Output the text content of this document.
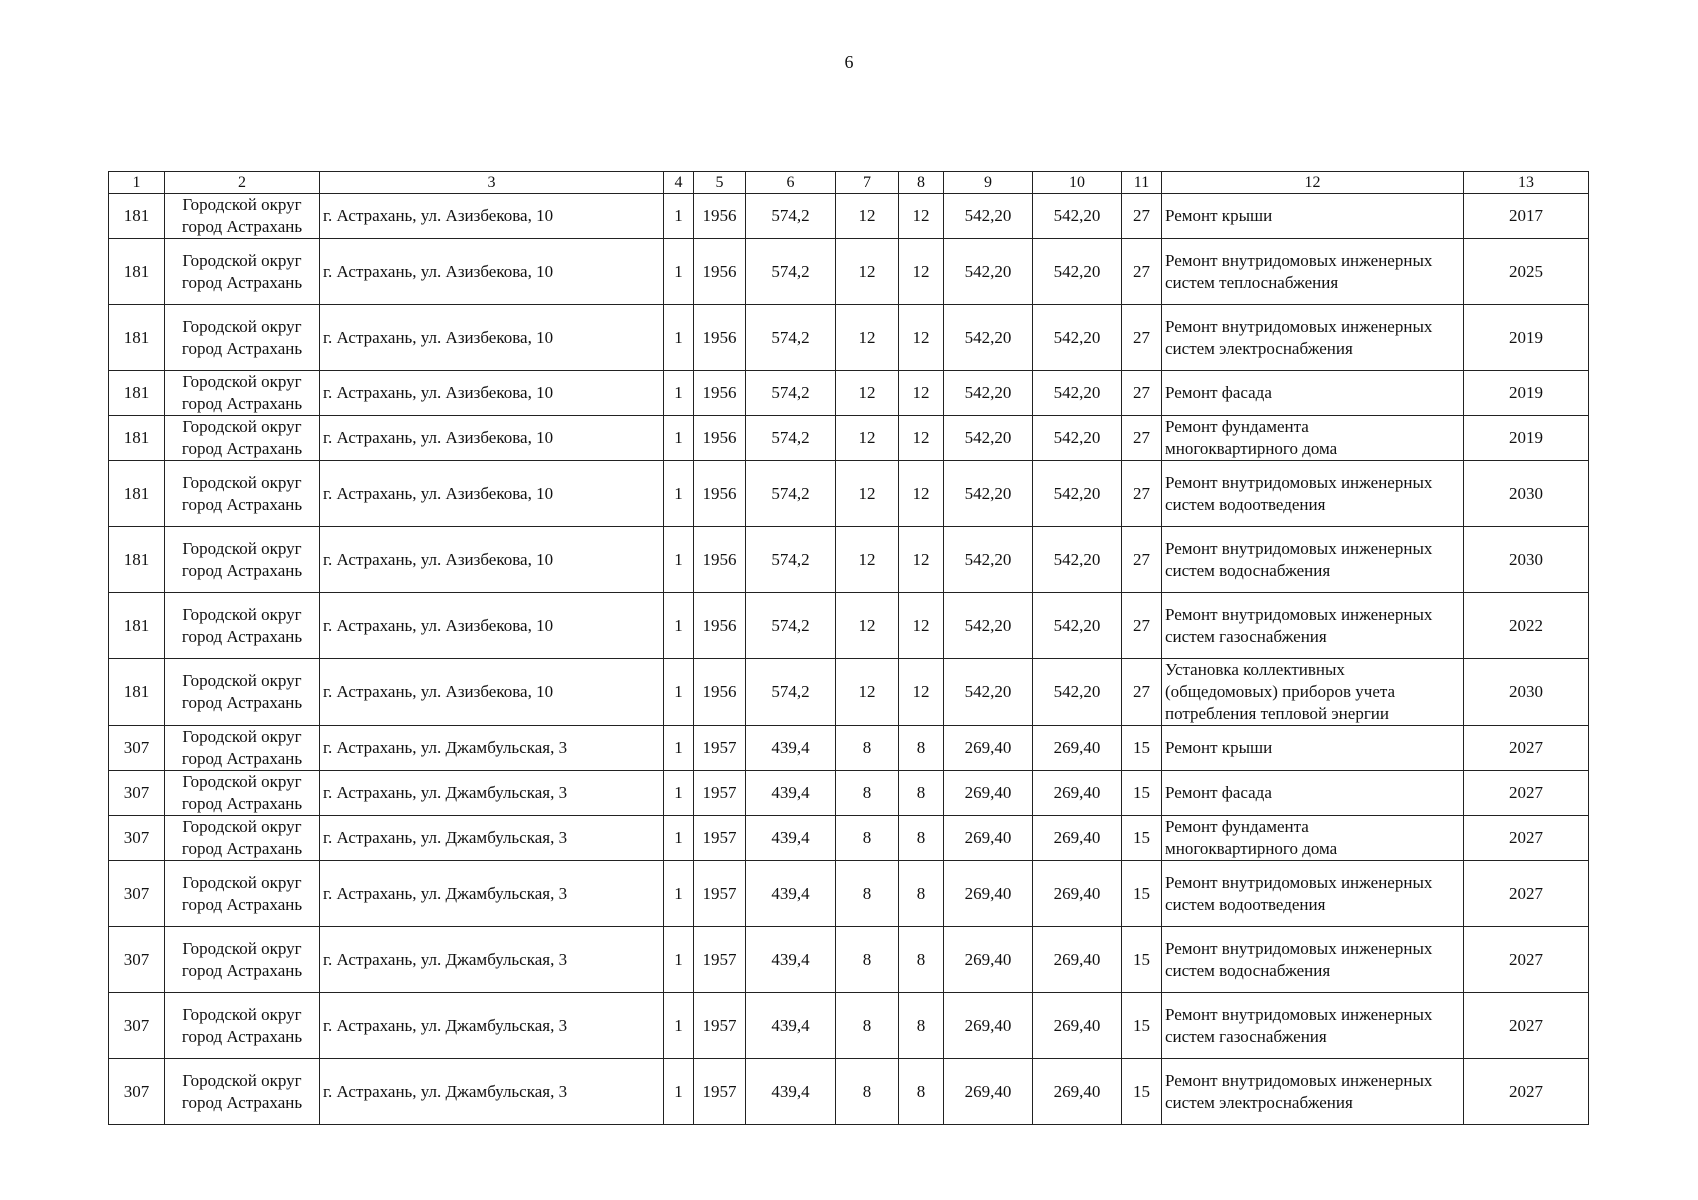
6
1	2	3	4	5	6	7	8	9	10	11	12	13

181	Городской округ
город Астрахань	г. Астрахань, ул. Азизбекова, 10	1	1956	574,2	12	12	542,20	542,20	27	Ремонт крыши	2017

181	Городской округ
город Астрахань	г. Астрахань, ул. Азизбекова, 10	1	1956	574,2	12	12	542,20	542,20	27	Ремонт внутридомовых инженерных
систем теплоснабжения	2025

181	Городской округ
город Астрахань	г. Астрахань, ул. Азизбекова, 10	1	1956	574,2	12	12	542,20	542,20	27	Ремонт внутридомовых инженерных
систем электроснабжения	2019

181	Городской округ
город Астрахань	г. Астрахань, ул. Азизбекова, 10	1	1956	574,2	12	12	542,20	542,20	27	Ремонт фасада	2019

181	Городской округ
город Астрахань	г. Астрахань, ул. Азизбекова, 10	1	1956	574,2	12	12	542,20	542,20	27	Ремонт фундамента
многоквартирного дома	2019

181	Городской округ
город Астрахань	г. Астрахань, ул. Азизбекова, 10	1	1956	574,2	12	12	542,20	542,20	27	Ремонт внутридомовых инженерных
систем водоотведения	2030

181	Городской округ
город Астрахань	г. Астрахань, ул. Азизбекова, 10	1	1956	574,2	12	12	542,20	542,20	27	Ремонт внутридомовых инженерных
систем водоснабжения	2030

181	Городской округ
город Астрахань	г. Астрахань, ул. Азизбекова, 10	1	1956	574,2	12	12	542,20	542,20	27	Ремонт внутридомовых инженерных
систем газоснабжения	2022

181	Городской округ
город Астрахань	г. Астрахань, ул. Азизбекова, 10	1	1956	574,2	12	12	542,20	542,20	27	Установка коллективных
(общедомовых) приборов учета
потребления тепловой энергии	2030

307	Городской округ
город Астрахань	г. Астрахань, ул. Джамбульская, 3	1	1957	439,4	8	8	269,40	269,40	15	Ремонт крыши	2027

307	Городской округ
город Астрахань	г. Астрахань, ул. Джамбульская, 3	1	1957	439,4	8	8	269,40	269,40	15	Ремонт фасада	2027

307	Городской округ
город Астрахань	г. Астрахань, ул. Джамбульская, 3	1	1957	439,4	8	8	269,40	269,40	15	Ремонт фундамента
многоквартирного дома	2027

307	Городской округ
город Астрахань	г. Астрахань, ул. Джамбульская, 3	1	1957	439,4	8	8	269,40	269,40	15	Ремонт внутридомовых инженерных
систем водоотведения	2027

307	Городской округ
город Астрахань	г. Астрахань, ул. Джамбульская, 3	1	1957	439,4	8	8	269,40	269,40	15	Ремонт внутридомовых инженерных
систем водоснабжения	2027

307	Городской округ
город Астрахань	г. Астрахань, ул. Джамбульская, 3	1	1957	439,4	8	8	269,40	269,40	15	Ремонт внутридомовых инженерных
систем газоснабжения	2027

307	Городской округ
город Астрахань	г. Астрахань, ул. Джамбульская, 3	1	1957	439,4	8	8	269,40	269,40	15	Ремонт внутридомовых инженерных
систем электроснабжения	2027
